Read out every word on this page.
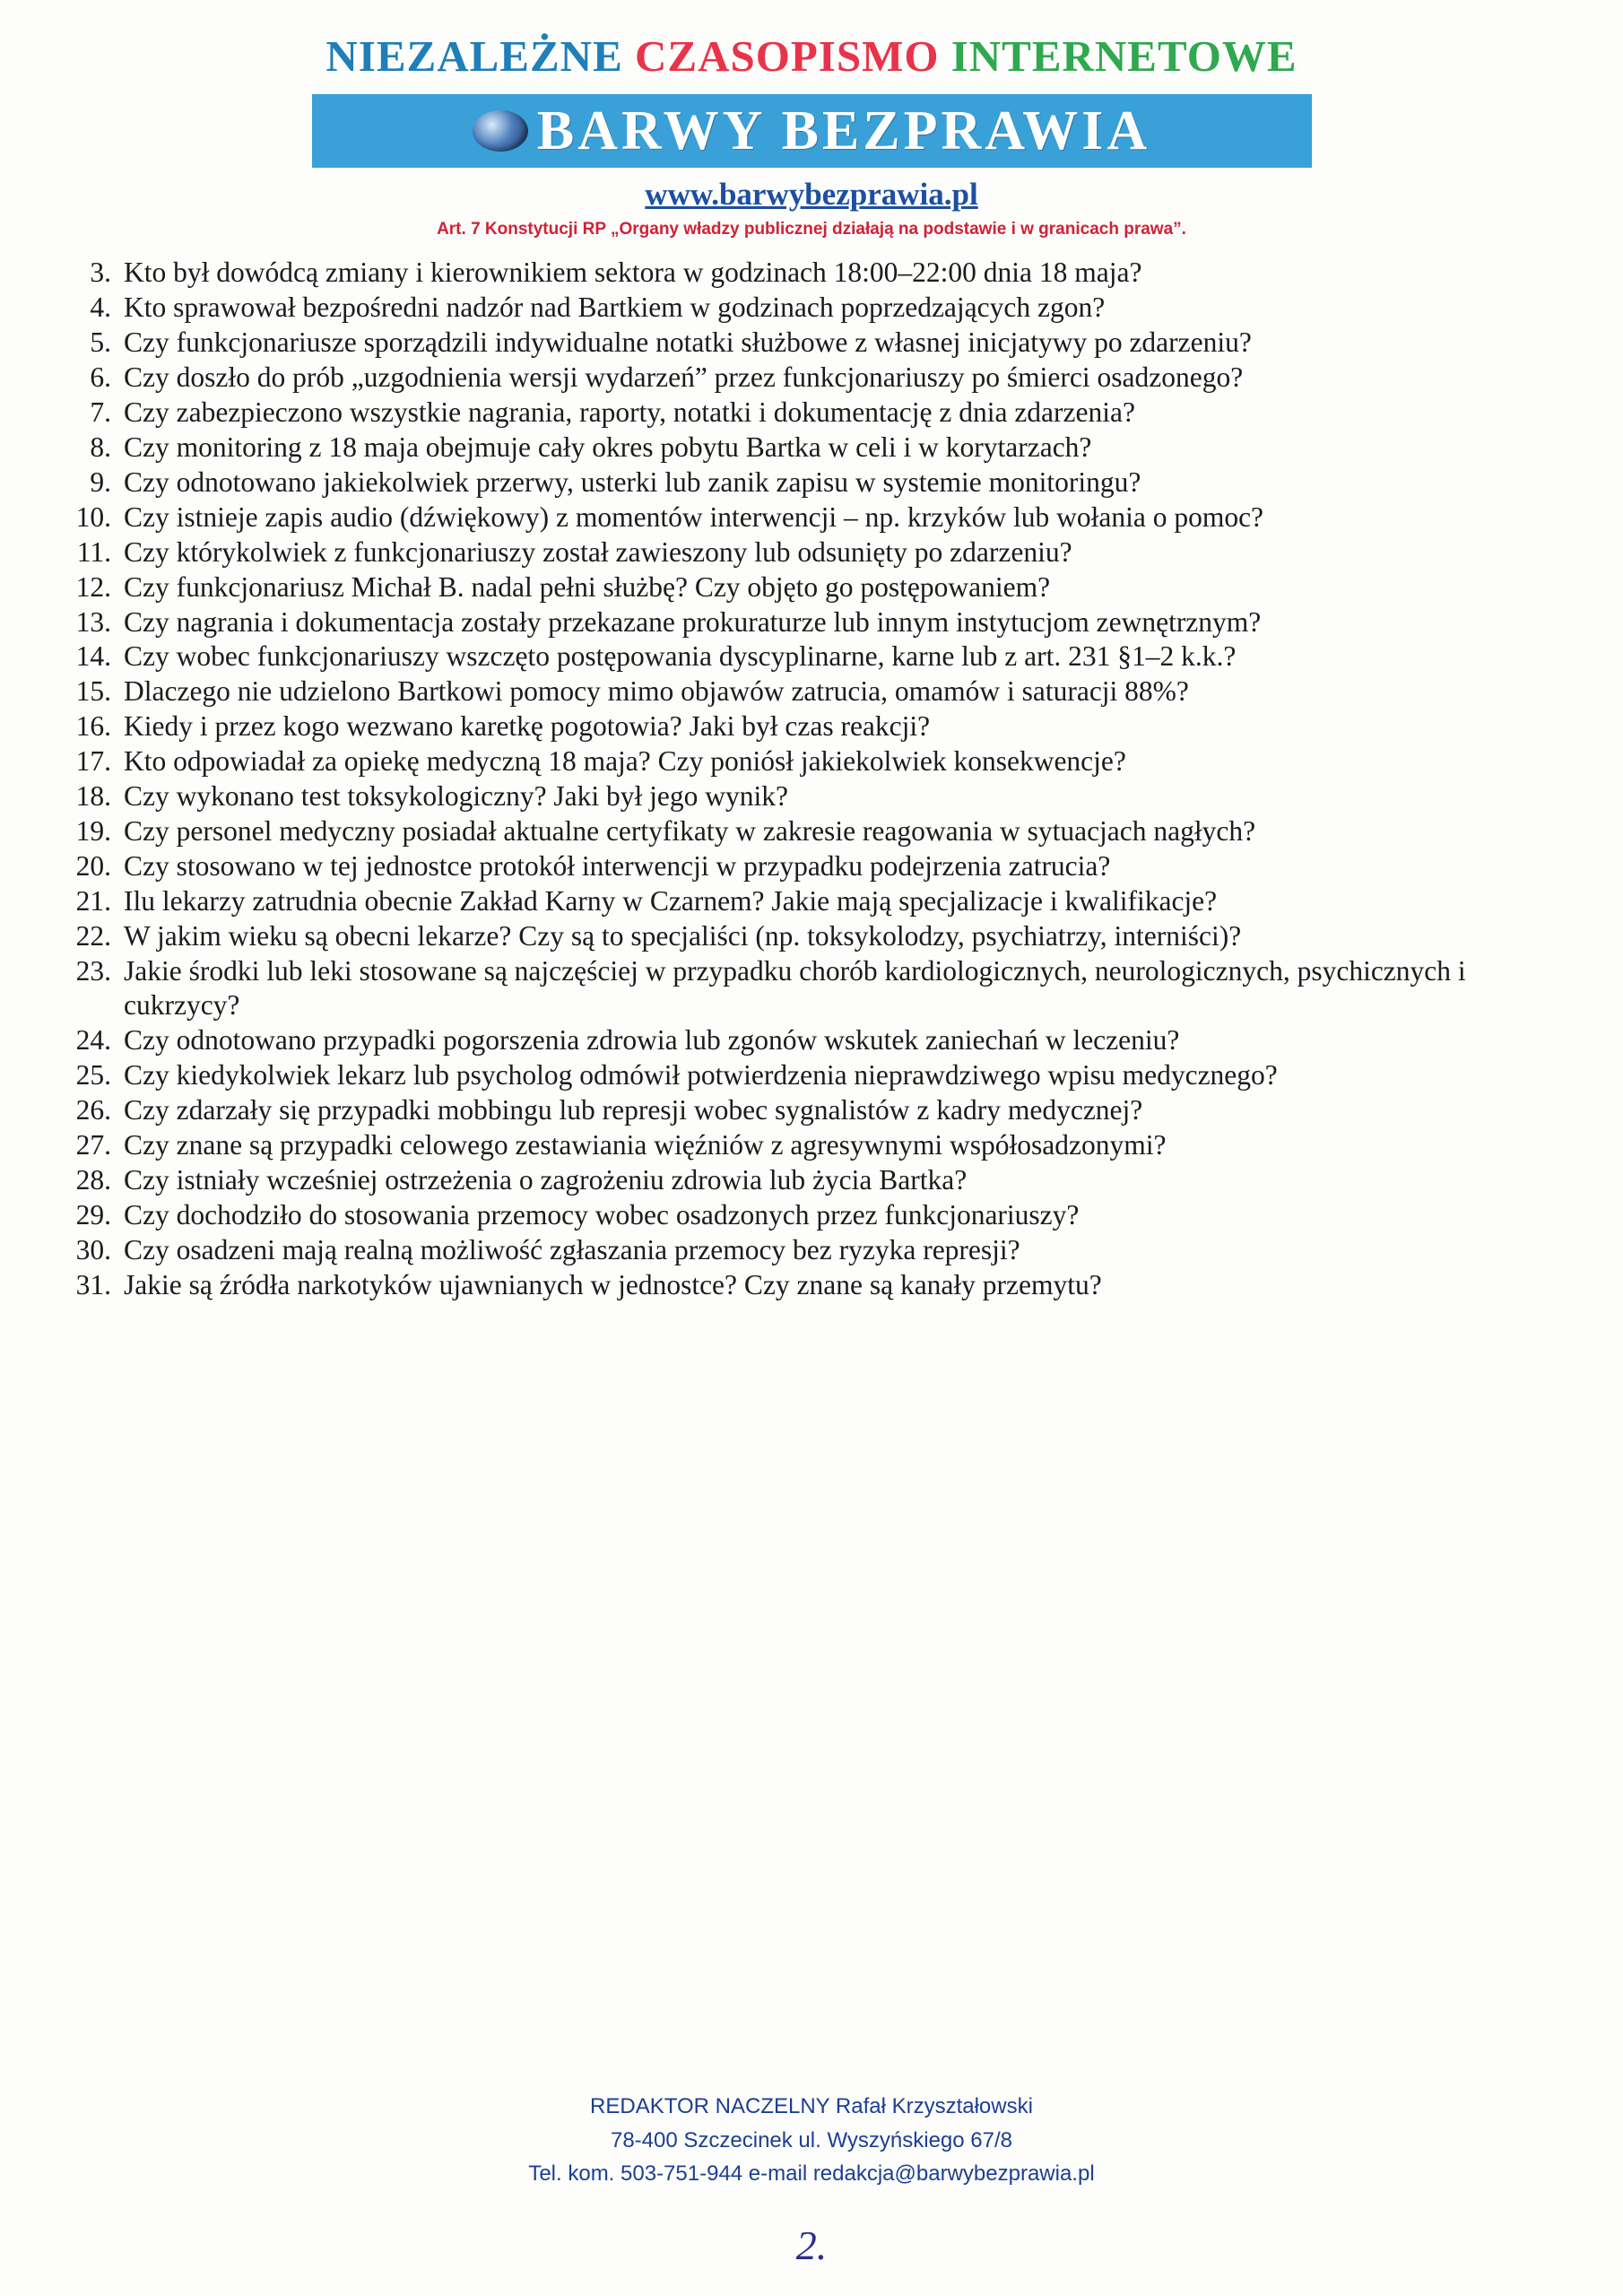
NIEZALEŻNE CZASOPISMO INTERNETOWE
BARWY BEZPRAWIA
www.barwybezprawia.pl
Art. 7 Konstytucji RP „Organy władzy publicznej działają na podstawie i w granicach prawa”.
3. Kto był dowódcą zmiany i kierownikiem sektora w godzinach 18:00–22:00 dnia 18 maja?
4. Kto sprawował bezpośredni nadzór nad Bartkiem w godzinach poprzedzających zgon?
5. Czy funkcjonariusze sporządzili indywidualne notatki służbowe z własnej inicjatywy po zdarzeniu?
6. Czy doszło do prób „uzgodnienia wersji wydarzeń” przez funkcjonariuszy po śmierci osadzonego?
7. Czy zabezpieczono wszystkie nagrania, raporty, notatki i dokumentację z dnia zdarzenia?
8. Czy monitoring z 18 maja obejmuje cały okres pobytu Bartka w celi i w korytarzach?
9. Czy odnotowano jakiekolwiek przerwy, usterki lub zanik zapisu w systemie monitoringu?
10. Czy istnieje zapis audio (dźwiękowy) z momentów interwencji – np. krzyków lub wołania o pomoc?
11. Czy którykolwiek z funkcjonariuszy został zawieszony lub odsunięty po zdarzeniu?
12. Czy funkcjonariusz Michał B. nadal pełni służbę? Czy objęto go postępowaniem?
13. Czy nagrania i dokumentacja zostały przekazane prokuraturze lub innym instytucjom zewnętrznym?
14. Czy wobec funkcjonariuszy wszczęto postępowania dyscyplinarne, karne lub z art. 231 §1–2 k.k.?
15. Dlaczego nie udzielono Bartkowi pomocy mimo objawów zatrucia, omamów i saturacji 88%?
16. Kiedy i przez kogo wezwano karetkę pogotowia? Jaki był czas reakcji?
17. Kto odpowiadał za opiekę medyczną 18 maja? Czy poniósł jakiekolwiek konsekwencje?
18. Czy wykonano test toksykologiczny? Jaki był jego wynik?
19. Czy personel medyczny posiadał aktualne certyfikaty w zakresie reagowania w sytuacjach nagłych?
20. Czy stosowano w tej jednostce protokół interwencji w przypadku podejrzenia zatrucia?
21. Ilu lekarzy zatrudnia obecnie Zakład Karny w Czarnem? Jakie mają specjalizacje i kwalifikacje?
22. W jakim wieku są obecni lekarze? Czy są to specjaliści (np. toksykolodzy, psychiatrzy, interniści)?
23. Jakie środki lub leki stosowane są najczęściej w przypadku chorób kardiologicznych, neurologicznych, psychicznych i cukrzycy?
24. Czy odnotowano przypadki pogorszenia zdrowia lub zgonów wskutek zaniechań w leczeniu?
25. Czy kiedykolwiek lekarz lub psycholog odmówił potwierdzenia nieprawdziwego wpisu medycznego?
26. Czy zdarzały się przypadki mobbingu lub represji wobec sygnalistów z kadry medycznej?
27. Czy znane są przypadki celowego zestawiania więźniów z agresywnymi współosadzonymi?
28. Czy istniały wcześniej ostrzeżenia o zagrożeniu zdrowia lub życia Bartka?
29. Czy dochodziło do stosowania przemocy wobec osadzonych przez funkcjonariuszy?
30. Czy osadzeni mają realną możliwość zgłaszania przemocy bez ryzyka represji?
31. Jakie są źródła narkotyków ujawnianych w jednostce? Czy znane są kanały przemytu?
REDAKTOR NACZELNY Rafał Krzyształowski
78-400 Szczecinek ul. Wyszyńskiego 67/8
Tel. kom. 503-751-944 e-mail redakcja@barwybezprawia.pl
2.
